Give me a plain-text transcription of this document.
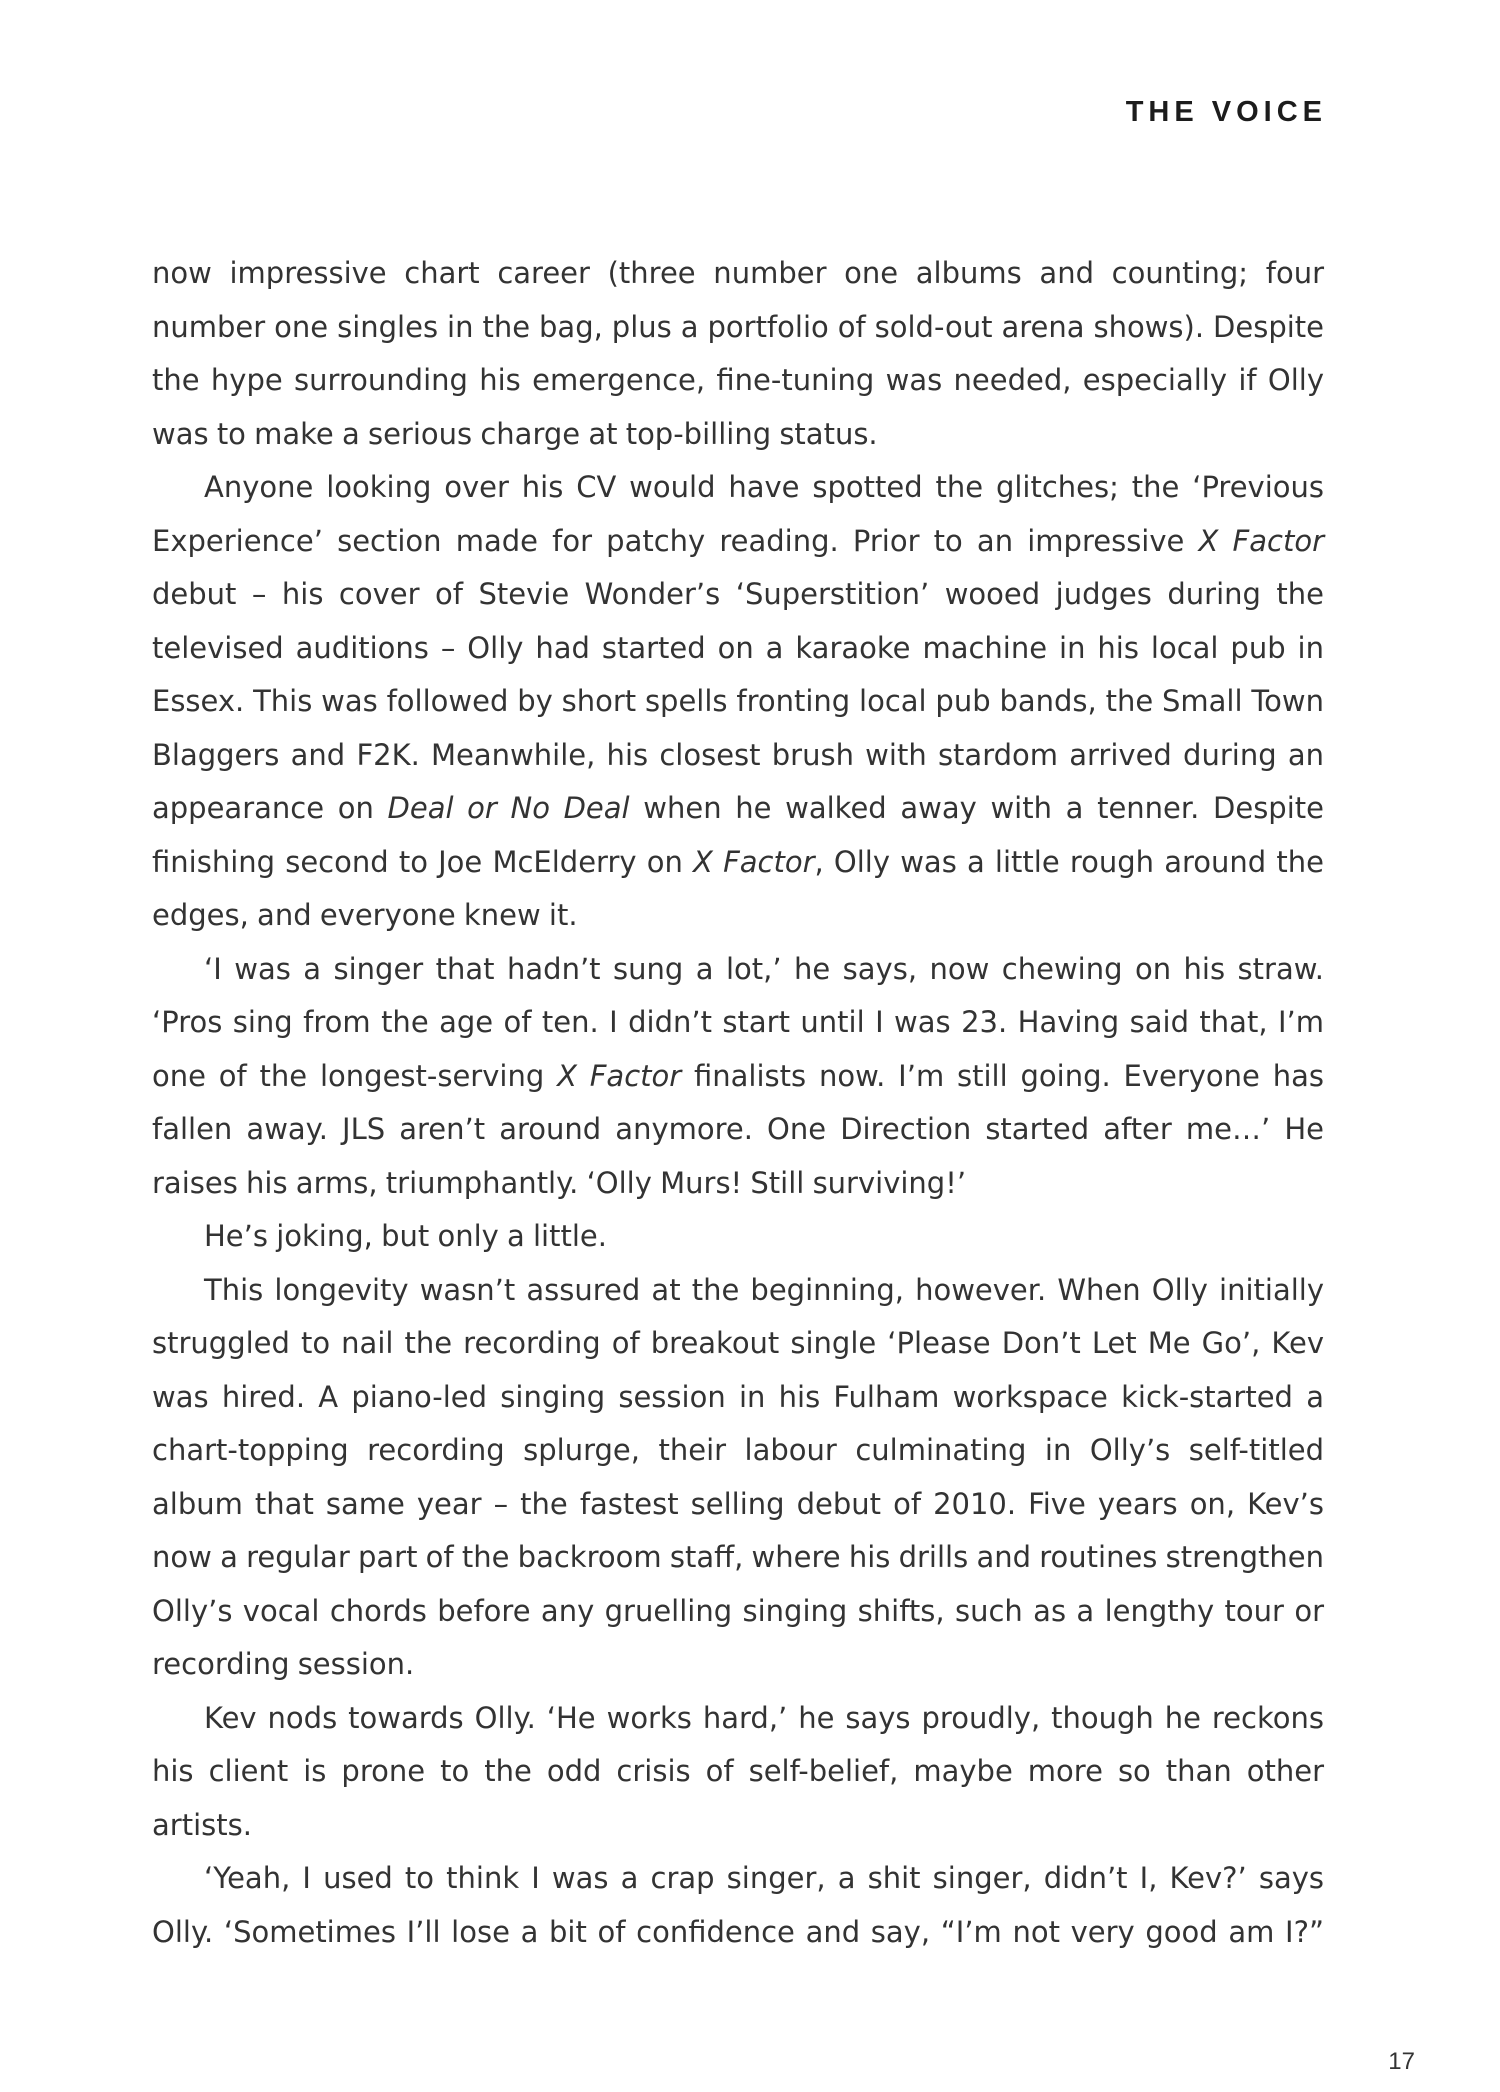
THE VOICE

now impressive chart career (three number one albums and counting; four number one singles in the bag, plus a portfolio of sold-out arena shows). Despite the hype surrounding his emergence, fine-tuning was needed, especially if Olly was to make a serious charge at top-billing status.

Anyone looking over his CV would have spotted the glitches; the ‘Previous Experience’ section made for patchy reading. Prior to an impressive X Factor debut – his cover of Stevie Wonder’s ‘Superstition’ wooed judges during the televised auditions – Olly had started on a karaoke machine in his local pub in Essex. This was followed by short spells fronting local pub bands, the Small Town Blaggers and F2K. Meanwhile, his closest brush with stardom arrived during an appearance on Deal or No Deal when he walked away with a tenner. Despite finishing second to Joe McElderry on X Factor, Olly was a little rough around the edges, and everyone knew it.

‘I was a singer that hadn’t sung a lot,’ he says, now chewing on his straw. ‘Pros sing from the age of ten. I didn’t start until I was 23. Having said that, I’m one of the longest-serving X Factor finalists now. I’m still going. Everyone has fallen away. JLS aren’t around anymore. One Direction started after me…’ He raises his arms, triumphantly. ‘Olly Murs! Still surviving!’

He’s joking, but only a little.

This longevity wasn’t assured at the beginning, however. When Olly initially struggled to nail the recording of breakout single ‘Please Don’t Let Me Go’, Kev was hired. A piano-led singing session in his Fulham workspace kick-started a chart-topping recording splurge, their labour culminating in Olly’s self-titled album that same year – the fastest selling debut of 2010. Five years on, Kev’s now a regular part of the backroom staff, where his drills and routines strengthen Olly’s vocal chords before any gruelling singing shifts, such as a lengthy tour or recording session.

Kev nods towards Olly. ‘He works hard,’ he says proudly, though he reckons his client is prone to the odd crisis of self-belief, maybe more so than other artists.

‘Yeah, I used to think I was a crap singer, a shit singer, didn’t I, Kev?’ says Olly. ‘Sometimes I’ll lose a bit of confidence and say, “I’m not very good am I?”

17
